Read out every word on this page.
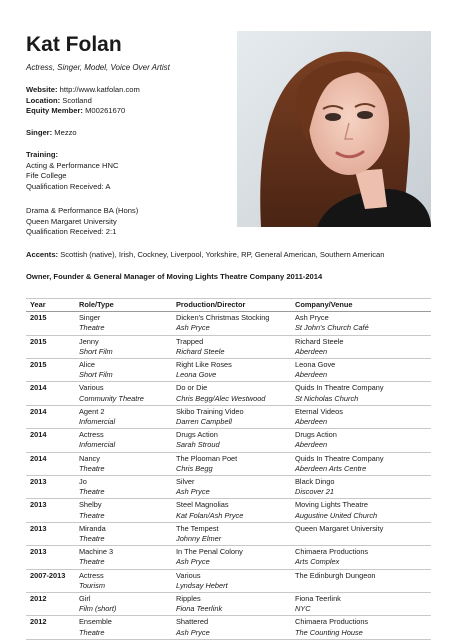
Kat Folan
Actress, Singer, Model, Voice Over Artist
Website: http://www.katfolan.com
Location: Scotland
Equity Member: M00261670
Singer: Mezzo
Training:
Acting & Performance HNC
Fife College
Qualification Received: A
Drama & Performance BA (Hons)
Queen Margaret University
Qualification Received: 2:1
Accents: Scottish (native), Irish, Cockney, Liverpool, Yorkshire, RP, General American, Southern American
Owner, Founder & General Manager of Moving Lights Theatre Company 2011-2014
Year	Role/Type	Production/Director	Company/Venue
2015	Singer	Dicken's Christmas Stocking	Ash Pryce
	Theatre	Ash Pryce	St John's Church Café
2015	Jenny	Trapped	Richard Steele
	Short Film	Richard Steele	Aberdeen
2015	Alice	Right Like Roses	Leona Gove
	Short Film	Leona Gove	Aberdeen
2014	Various	Do or Die	Quids In Theatre Company
	Community Theatre	Chris Begg/Alec Westwood	St Nicholas Church
2014	Agent 2	Skibo Training Video	Eternal Videos
	Infomercial	Darren Campbell	Aberdeen
2014	Actress	Drugs Action	Drugs Action
	Infomercial	Sarah Stroud	Aberdeen
2014	Nancy	The Plooman Poet	Quids In Theatre Company
	Theatre	Chris Begg	Aberdeen Arts Centre
2013	Jo	Silver	Black Dingo
	Theatre	Ash Pryce	Discover 21
2013	Shelby	Steel Magnolias	Moving Lights Theatre
	Theatre	Kat Folan/Ash Pryce	Augustine United Church
2013	Miranda	The Tempest	Queen Margaret University
	Theatre	Johnny Elmer	
2013	Machine 3	In The Penal Colony	Chimaera Productions
	Theatre	Ash Pryce	Arts Complex
2007-2013	Actress	Various	The Edinburgh Dungeon
	Tourism	Lyndsay Hebert	
2012	Girl	Ripples	Fiona Teerlink
	Film (short)	Fiona Teerlink	NYC
2012	Ensemble	Shattered	Chimaera Productions
	Theatre	Ash Pryce	The Counting House
